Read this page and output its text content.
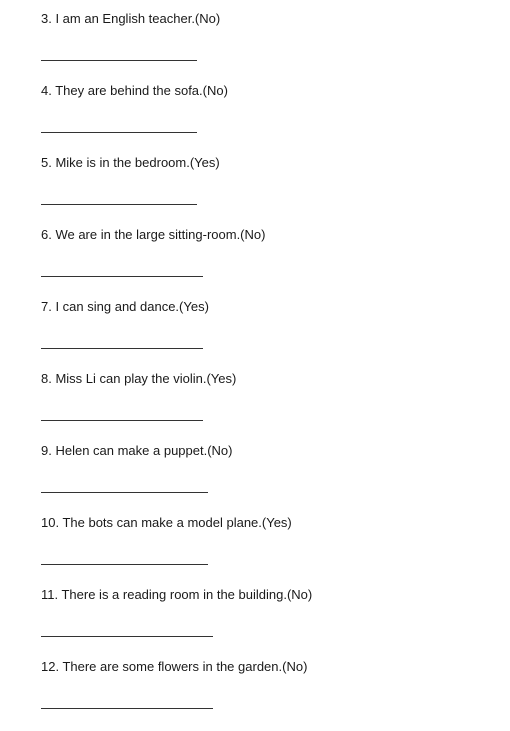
3. I am an English teacher.(No)

4. They are behind the sofa.(No)

5. Mike is in the bedroom.(Yes)

6. We are in the large sitting-room.(No)

7. I can sing and dance.(Yes)

8. Miss Li can play the violin.(Yes)

9. Helen can make a puppet.(No)

10. The bots can make a model plane.(Yes)

11. There is a reading room in the building.(No)

12. There are some flowers in the garden.(No)
